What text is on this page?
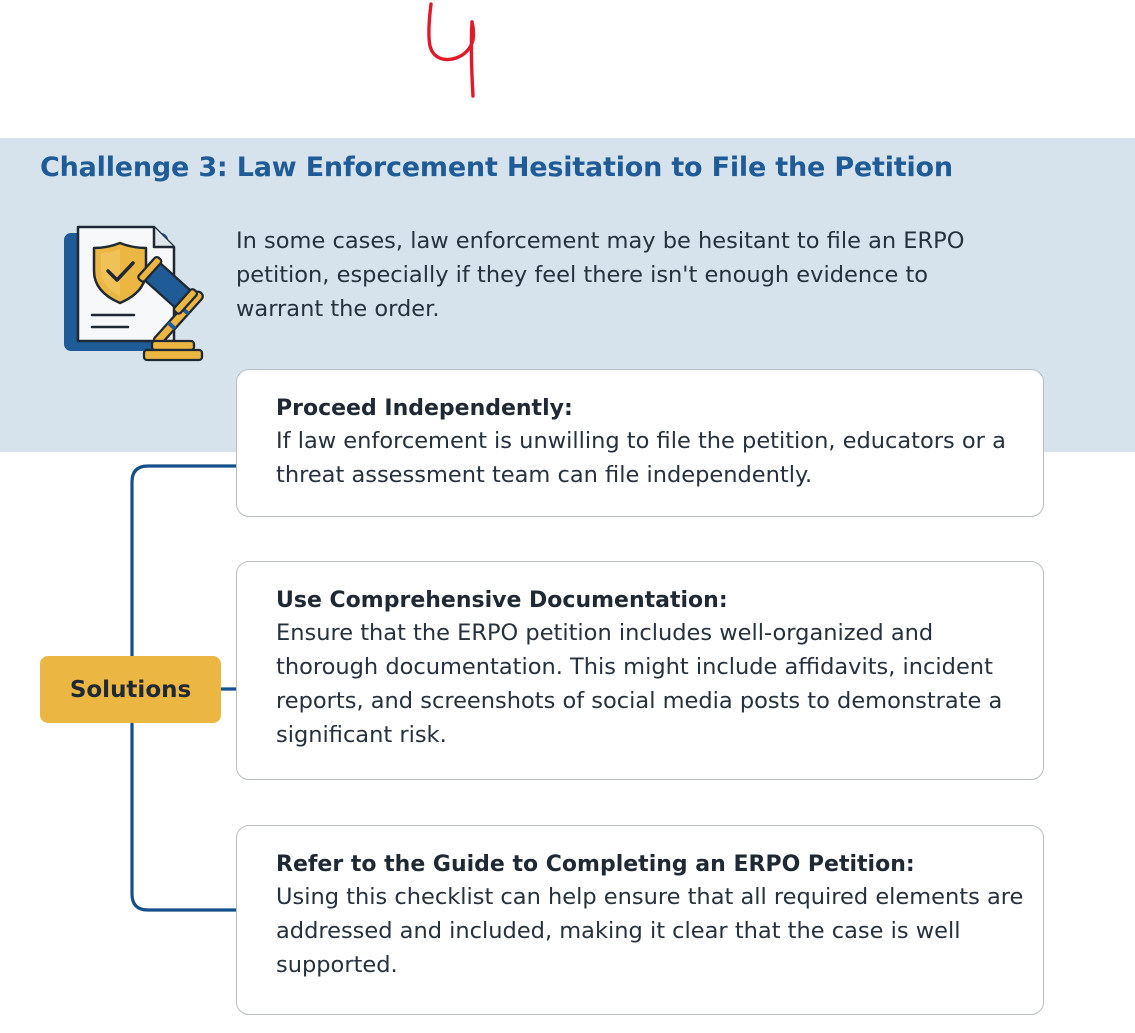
Challenge 3: Law Enforcement Hesitation to File the Petition

In some cases, law enforcement may be hesitant to file an ERPO petition, especially if they feel there isn't enough evidence to warrant the order.

Solutions

Proceed Independently:

If law enforcement is unwilling to file the petition, educators or a threat assessment team can file independently.

Use Comprehensive Documentation:

Ensure that the ERPO petition includes well-organized and thorough documentation. This might include affidavits, incident reports, and screenshots of social media posts to demonstrate a significant risk.

Refer to the Guide to Completing an ERPO Petition:

Using this checklist can help ensure that all required elements are addressed and included, making it clear that the case is well supported.
